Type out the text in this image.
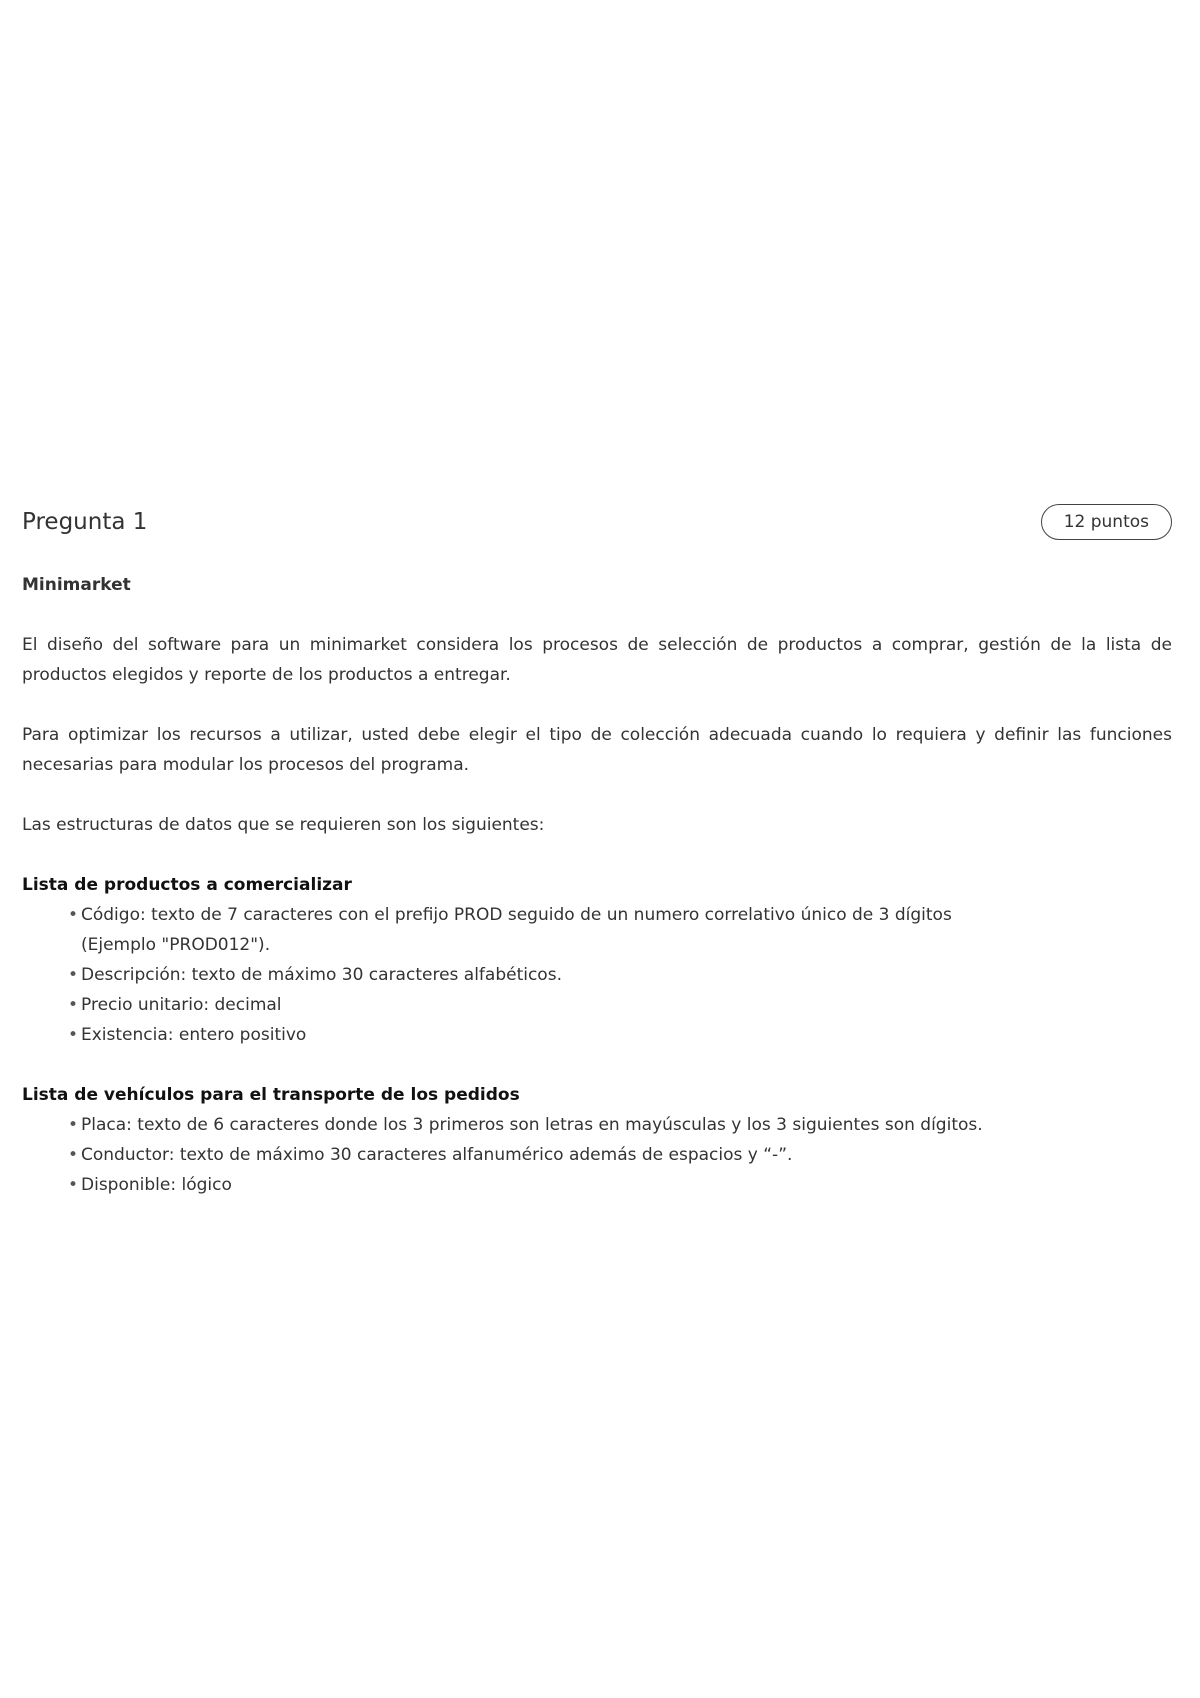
Pregunta 1	12 puntos

Minimarket

El diseño del software para un minimarket considera los procesos de selección de productos a comprar, gestión de la lista de productos elegidos y reporte de los productos a entregar.

Para optimizar los recursos a utilizar, usted debe elegir el tipo de colección adecuada cuando lo requiera y definir las funciones necesarias para modular los procesos del programa.

Las estructuras de datos que se requieren son los siguientes:

Lista de productos a comercializar

• Código: texto de 7 caracteres con el prefijo PROD seguido de un numero correlativo único de 3 dígitos (Ejemplo "PROD012").
• Descripción: texto de máximo 30 caracteres alfabéticos.
• Precio unitario: decimal
• Existencia: entero positivo

Lista de vehículos para el transporte de los pedidos

• Placa: texto de 6 caracteres donde los 3 primeros son letras en mayúsculas y los 3 siguientes son dígitos.
• Conductor: texto de máximo 30 caracteres alfanumérico además de espacios y “-”.
• Disponible: lógico
